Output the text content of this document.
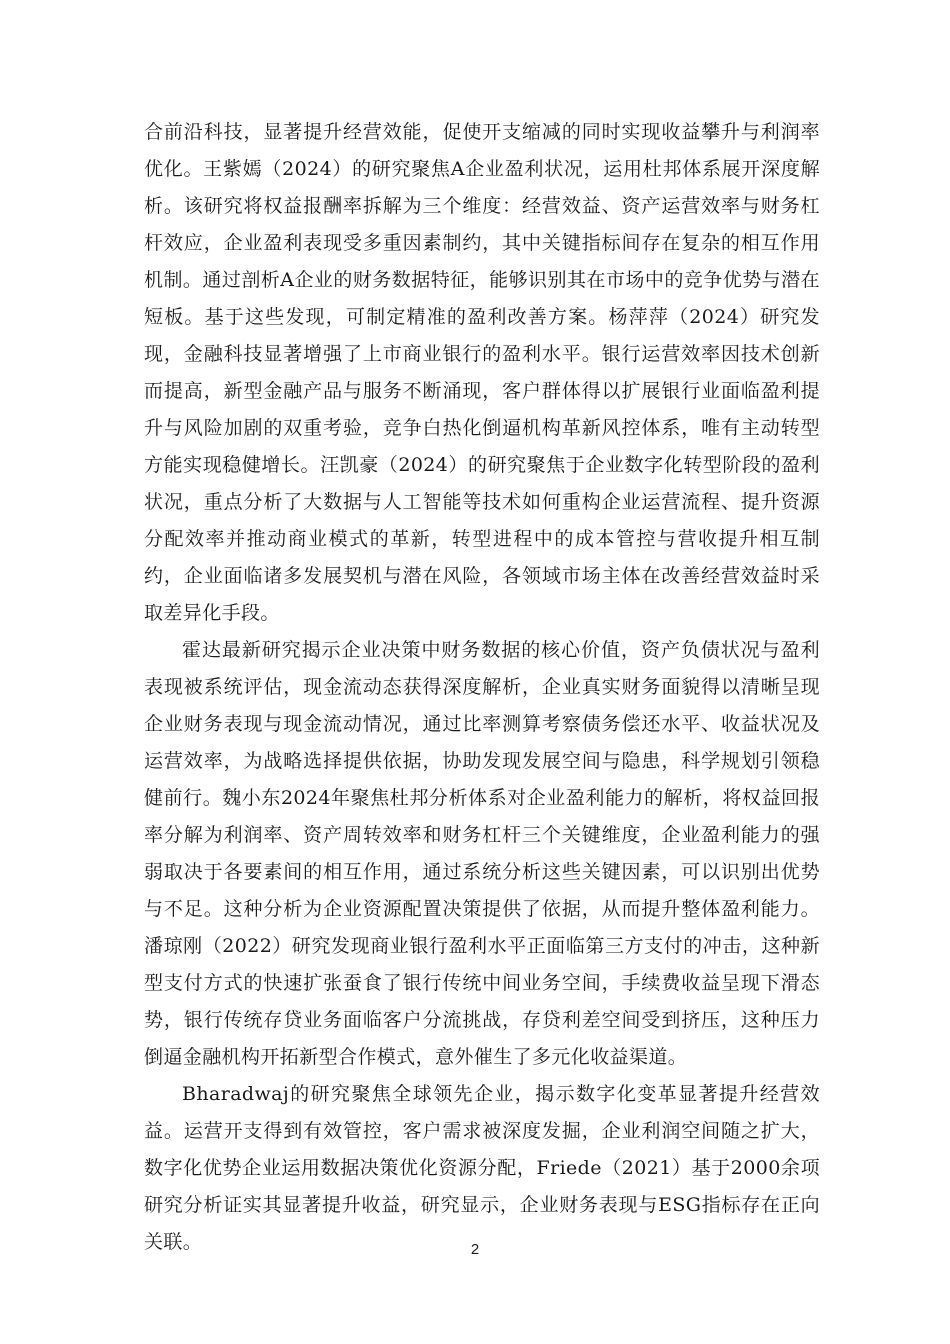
合前沿科技，显著提升经营效能，促使开支缩减的同时实现收益攀升与利润率优化。王紫嫣（2024）的研究聚焦A企业盈利状况，运用杜邦体系展开深度解析。该研究将权益报酬率拆解为三个维度：经营效益、资产运营效率与财务杠杆效应，企业盈利表现受多重因素制约，其中关键指标间存在复杂的相互作用机制。通过剖析A企业的财务数据特征，能够识别其在市场中的竞争优势与潜在短板。基于这些发现，可制定精准的盈利改善方案。杨萍萍（2024）研究发现，金融科技显著增强了上市商业银行的盈利水平。银行运营效率因技术创新而提高，新型金融产品与服务不断涌现，客户群体得以扩展银行业面临盈利提升与风险加剧的双重考验，竞争白热化倒逼机构革新风控体系，唯有主动转型方能实现稳健增长。汪凯豪（2024）的研究聚焦于企业数字化转型阶段的盈利状况，重点分析了大数据与人工智能等技术如何重构企业运营流程、提升资源分配效率并推动商业模式的革新，转型进程中的成本管控与营收提升相互制约，企业面临诸多发展契机与潜在风险，各领域市场主体在改善经营效益时采取差异化手段。

霍达最新研究揭示企业决策中财务数据的核心价值，资产负债状况与盈利表现被系统评估，现金流动态获得深度解析，企业真实财务面貌得以清晰呈现企业财务表现与现金流动情况，通过比率测算考察债务偿还水平、收益状况及运营效率，为战略选择提供依据，协助发现发展空间与隐患，科学规划引领稳健前行。魏小东2024年聚焦杜邦分析体系对企业盈利能力的解析，将权益回报率分解为利润率、资产周转效率和财务杠杆三个关键维度，企业盈利能力的强弱取决于各要素间的相互作用，通过系统分析这些关键因素，可以识别出优势与不足。这种分析为企业资源配置决策提供了依据，从而提升整体盈利能力。潘琼刚（2022）研究发现商业银行盈利水平正面临第三方支付的冲击，这种新型支付方式的快速扩张蚕食了银行传统中间业务空间，手续费收益呈现下滑态势，银行传统存贷业务面临客户分流挑战，存贷利差空间受到挤压，这种压力倒逼金融机构开拓新型合作模式，意外催生了多元化收益渠道。

Bharadwaj的研究聚焦全球领先企业，揭示数字化变革显著提升经营效益。运营开支得到有效管控，客户需求被深度发掘，企业利润空间随之扩大，数字化优势企业运用数据决策优化资源分配，Friede（2021）基于2000余项研究分析证实其显著提升收益，研究显示，企业财务表现与ESG指标存在正向关联。	2
